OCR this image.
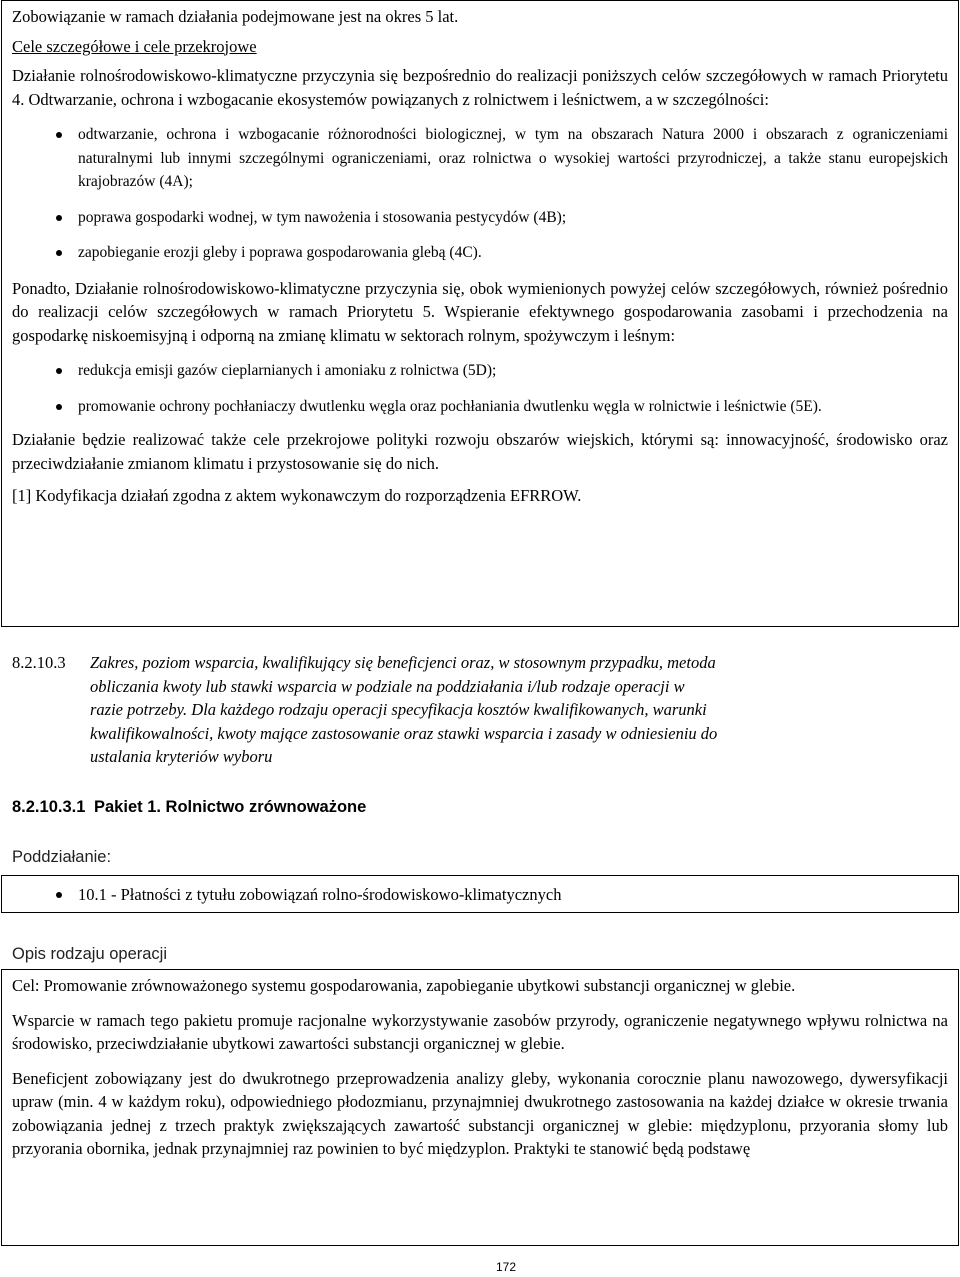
Zobowiązanie w ramach działania podejmowane jest na okres 5 lat.

Cele szczegółowe i cele przekrojowe

Działanie rolnośrodowiskowo-klimatyczne przyczynia się bezpośrednio do realizacji poniższych celów szczegółowych w ramach Priorytetu 4. Odtwarzanie, ochrona i wzbogacanie ekosystemów powiązanych z rolnictwem i leśnictwem, a w szczególności:

odtwarzanie, ochrona i wzbogacanie różnorodności biologicznej, w tym na obszarach Natura 2000 i obszarach z ograniczeniami naturalnymi lub innymi szczególnymi ograniczeniami, oraz rolnictwa o wysokiej wartości przyrodniczej, a także stanu europejskich krajobrazów (4A);
poprawa gospodarki wodnej, w tym nawożenia i stosowania pestycydów (4B);
zapobieganie erozji gleby i poprawa gospodarowania glebą (4C).

Ponadto, Działanie rolnośrodowiskowo-klimatyczne przyczynia się, obok wymienionych powyżej celów szczegółowych, również pośrednio do realizacji celów szczegółowych w ramach Priorytetu 5. Wspieranie efektywnego gospodarowania zasobami i przechodzenia na gospodarkę niskoemisyjną i odporną na zmianę klimatu w sektorach rolnym, spożywczym i leśnym:

redukcja emisji gazów cieplarnianych i amoniaku z rolnictwa (5D);
promowanie ochrony pochłaniaczy dwutlenku węgla oraz pochłaniania dwutlenku węgla w rolnictwie i leśnictwie (5E).

Działanie będzie realizować także cele przekrojowe polityki rozwoju obszarów wiejskich, którymi są: innowacyjność, środowisko oraz przeciwdziałanie zmianom klimatu i przystosowanie się do nich.

[1] Kodyfikacja działań zgodna z aktem wykonawczym do rozporządzenia EFRROW.

8.2.10.3 Zakres, poziom wsparcia, kwalifikujący się beneficjenci oraz, w stosownym przypadku, metoda
obliczania kwoty lub stawki wsparcia w podziale na poddziałania i/lub rodzaje operacji w
razie potrzeby. Dla każdego rodzaju operacji specyfikacja kosztów kwalifikowanych, warunki
kwalifikowalności, kwoty mające zastosowanie oraz stawki wsparcia i zasady w odniesieniu do
ustalania kryteriów wyboru
8.2.10.3.1 Pakiet 1. Rolnictwo zrównoważone
Poddziałanie:
10.1 - Płatności z tytułu zobowiązań rolno-środowiskowo-klimatycznych
Opis rodzaju operacji

Cel: Promowanie zrównoważonego systemu gospodarowania, zapobieganie ubytkowi substancji organicznej w glebie.

Wsparcie w ramach tego pakietu promuje racjonalne wykorzystywanie zasobów przyrody, ograniczenie negatywnego wpływu rolnictwa na środowisko, przeciwdziałanie ubytkowi zawartości substancji organicznej w glebie.

Beneficjent zobowiązany jest do dwukrotnego przeprowadzenia analizy gleby, wykonania corocznie planu nawozowego, dywersyfikacji upraw (min. 4 w każdym roku), odpowiedniego płodozmianu, przynajmniej dwukrotnego zastosowania na każdej działce w okresie trwania zobowiązania jednej z trzech praktyk zwiększających zawartość substancji organicznej w glebie: międzyplonu, przyorania słomy lub przyorania obornika, jednak przynajmniej raz powinien to być międzyplon. Praktyki te stanowić będą podstawę

172
